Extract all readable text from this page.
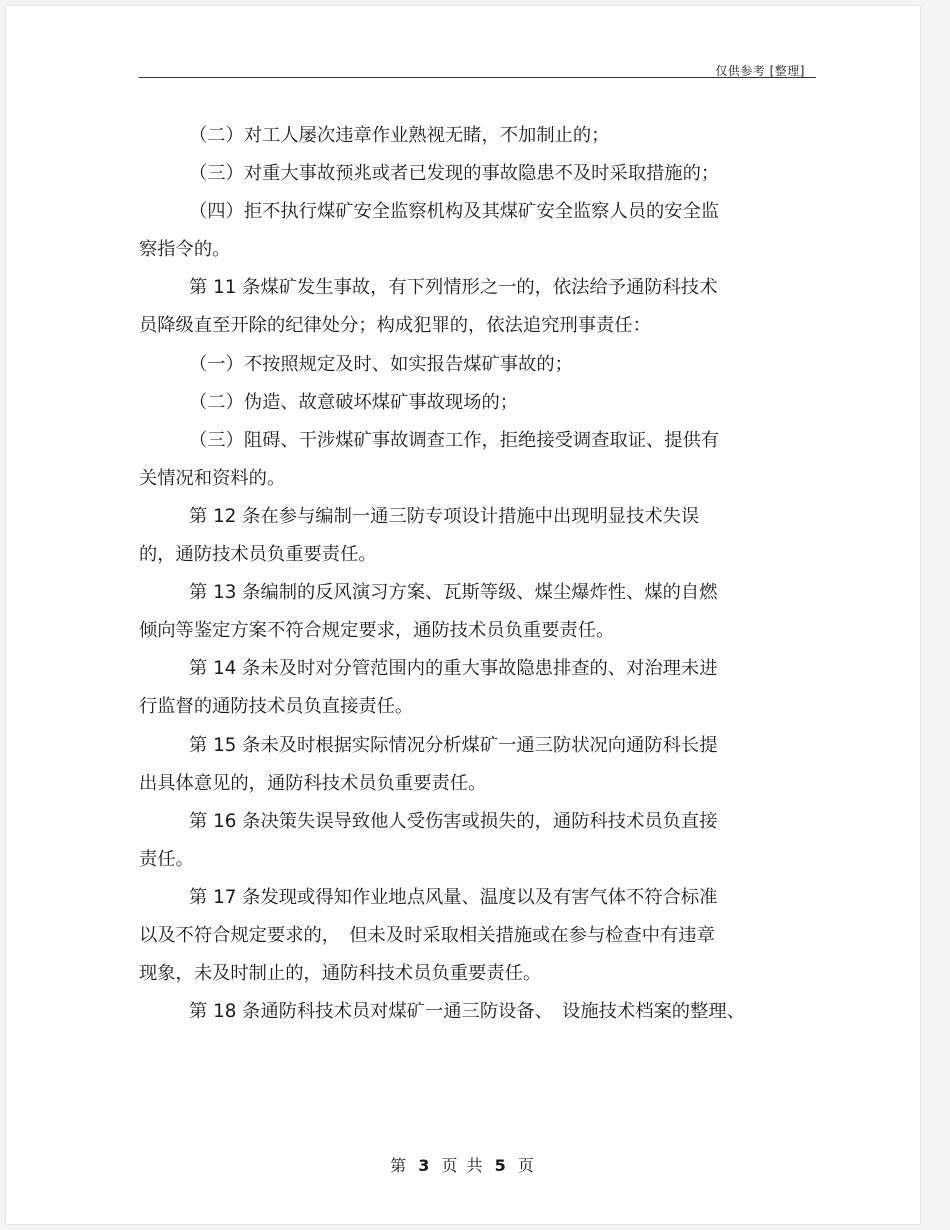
仅供参考 [整理]
（二）对工人屡次违章作业熟视无睹，不加制止的；
（三）对重大事故预兆或者已发现的事故隐患不及时采取措施的；
（四）拒不执行煤矿安全监察机构及其煤矿安全监察人员的安全监
察指令的。
第 11 条煤矿发生事故，有下列情形之一的，依法给予通防科技术
员降级直至开除的纪律处分；构成犯罪的，依法追究刑事责任：
（一）不按照规定及时、如实报告煤矿事故的；
（二）伪造、故意破坏煤矿事故现场的；
（三）阻碍、干涉煤矿事故调查工作，拒绝接受调查取证、提供有
关情况和资料的。
第 12 条在参与编制一通三防专项设计措施中出现明显技术失误
的，通防技术员负重要责任。
第 13 条编制的反风演习方案、瓦斯等级、煤尘爆炸性、煤的自燃
倾向等鉴定方案不符合规定要求，通防技术员负重要责任。
第 14 条未及时对分管范围内的重大事故隐患排查的、对治理未进
行监督的通防技术员负直接责任。
第 15 条未及时根据实际情况分析煤矿一通三防状况向通防科长提
出具体意见的，通防科技术员负重要责任。
第 16 条决策失误导致他人受伤害或损失的，通防科技术员负直接
责任。
第 17 条发现或得知作业地点风量、温度以及有害气体不符合标准
以及不符合规定要求的，　但未及时采取相关措施或在参与检查中有违章
现象，未及时制止的，通防科技术员负重要责任。
第 18 条通防科技术员对煤矿一通三防设备、　设施技术档案的整理、
第 3 页 共 5 页
